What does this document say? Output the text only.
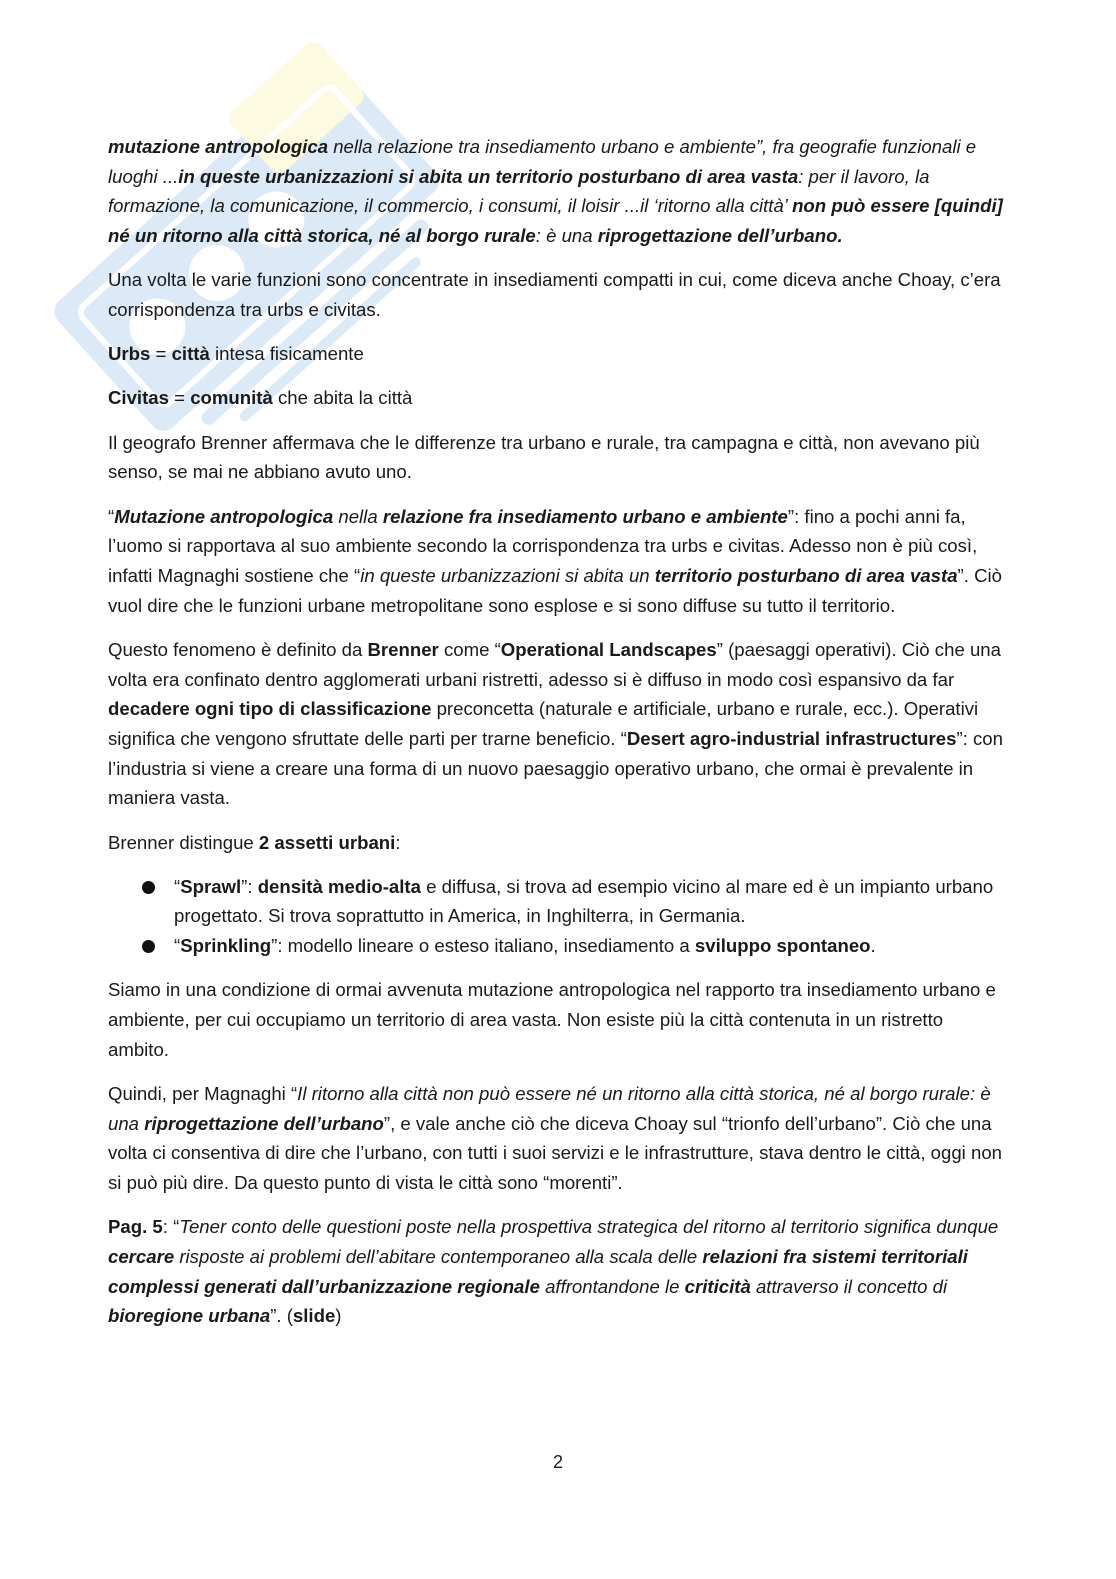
mutazione antropologica nella relazione tra insediamento urbano e ambiente”, fra geografie funzionali e luoghi ...in queste urbanizzazioni si abita un territorio posturbano di area vasta: per il lavoro, la formazione, la comunicazione, il commercio, i consumi, il loisir ...il ‘ritorno alla città’ non può essere [quindi] né un ritorno alla città storica, né al borgo rurale: è una riprogettazione dell’urbano.

Una volta le varie funzioni sono concentrate in insediamenti compatti in cui, come diceva anche Choay, c’era corrispondenza tra urbs e civitas.

Urbs = città intesa fisicamente

Civitas = comunità che abita la città

Il geografo Brenner affermava che le differenze tra urbano e rurale, tra campagna e città, non avevano più senso, se mai ne abbiano avuto uno.

“Mutazione antropologica nella relazione fra insediamento urbano e ambiente”: fino a pochi anni fa, l’uomo si rapportava al suo ambiente secondo la corrispondenza tra urbs e civitas. Adesso non è più così, infatti Magnaghi sostiene che “in queste urbanizzazioni si abita un territorio posturbano di area vasta”. Ciò vuol dire che le funzioni urbane metropolitane sono esplose e si sono diffuse su tutto il territorio.

Questo fenomeno è definito da Brenner come “Operational Landscapes” (paesaggi operativi). Ciò che una volta era confinato dentro agglomerati urbani ristretti, adesso si è diffuso in modo così espansivo da far decadere ogni tipo di classificazione preconcetta (naturale e artificiale, urbano e rurale, ecc.). Operativi significa che vengono sfruttate delle parti per trarne beneficio. “Desert agro-industrial infrastructures”: con l’industria si viene a creare una forma di un nuovo paesaggio operativo urbano, che ormai è prevalente in maniera vasta.

Brenner distingue 2 assetti urbani:

“Sprawl”: densità medio-alta e diffusa, si trova ad esempio vicino al mare ed è un impianto urbano progettato. Si trova soprattutto in America, in Inghilterra, in Germania.
“Sprinkling”: modello lineare o esteso italiano, insediamento a sviluppo spontaneo.

Siamo in una condizione di ormai avvenuta mutazione antropologica nel rapporto tra insediamento urbano e ambiente, per cui occupiamo un territorio di area vasta. Non esiste più la città contenuta in un ristretto ambito.

Quindi, per Magnaghi “Il ritorno alla città non può essere né un ritorno alla città storica, né al borgo rurale: è una riprogettazione dell’urbano”, e vale anche ciò che diceva Choay sul “trionfo dell’urbano”. Ciò che una volta ci consentiva di dire che l’urbano, con tutti i suoi servizi e le infrastrutture, stava dentro le città, oggi non si può più dire. Da questo punto di vista le città sono “morenti”.

Pag. 5: “Tener conto delle questioni poste nella prospettiva strategica del ritorno al territorio significa dunque cercare risposte ai problemi dell’abitare contemporaneo alla scala delle relazioni fra sistemi territoriali complessi generati dall’urbanizzazione regionale affrontandone le criticità attraverso il concetto di bioregione urbana”. (slide)

2
